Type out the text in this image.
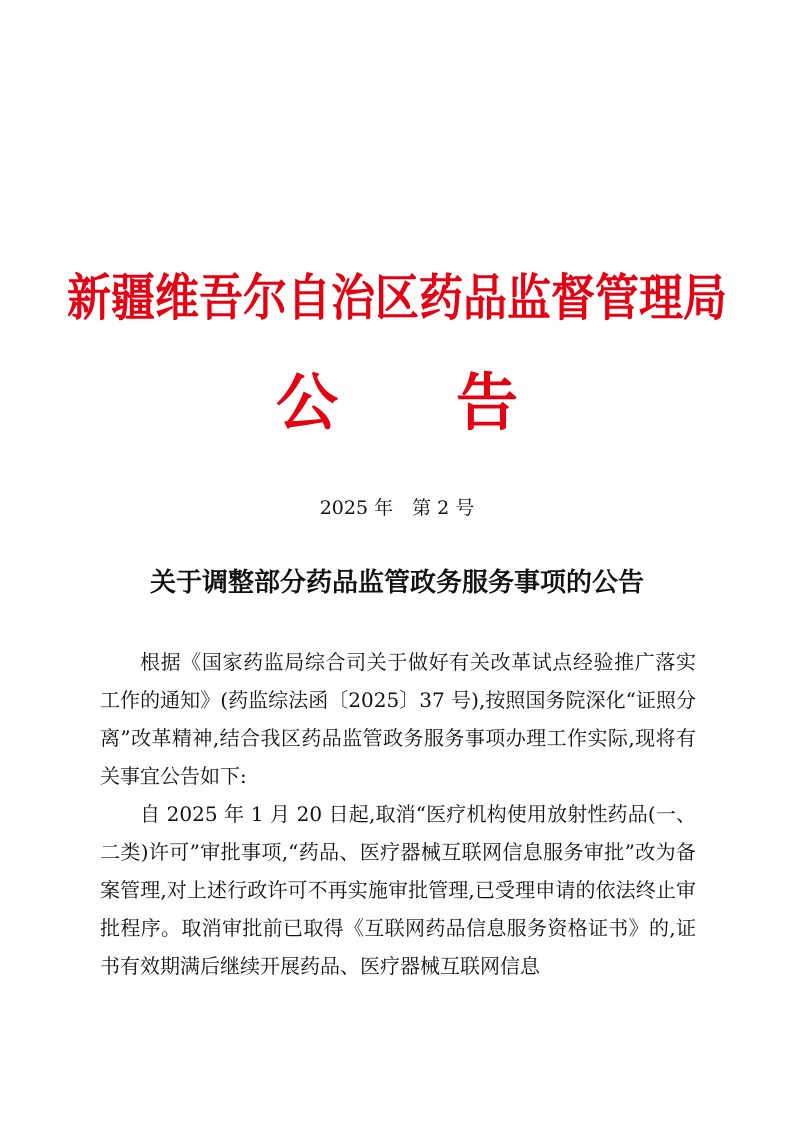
新疆维吾尔自治区药品监督管理局
公告
2025 年　第 2 号
关于调整部分药品监管政务服务事项的公告

根据《国家药监局综合司关于做好有关改革试点经验推广落实工作的通知》(药监综法函〔2025〕37 号),按照国务院深化“证照分离”改革精神,结合我区药品监管政务服务事项办理工作实际,现将有关事宜公告如下:

自 2025 年 1 月 20 日起,取消“医疗机构使用放射性药品(一、二类)许可”审批事项,“药品、医疗器械互联网信息服务审批”改为备案管理,对上述行政许可不再实施审批管理,已受理申请的依法终止审批程序。取消审批前已取得《互联网药品信息服务资格证书》的,证书有效期满后继续开展药品、医疗器械互联网信息
